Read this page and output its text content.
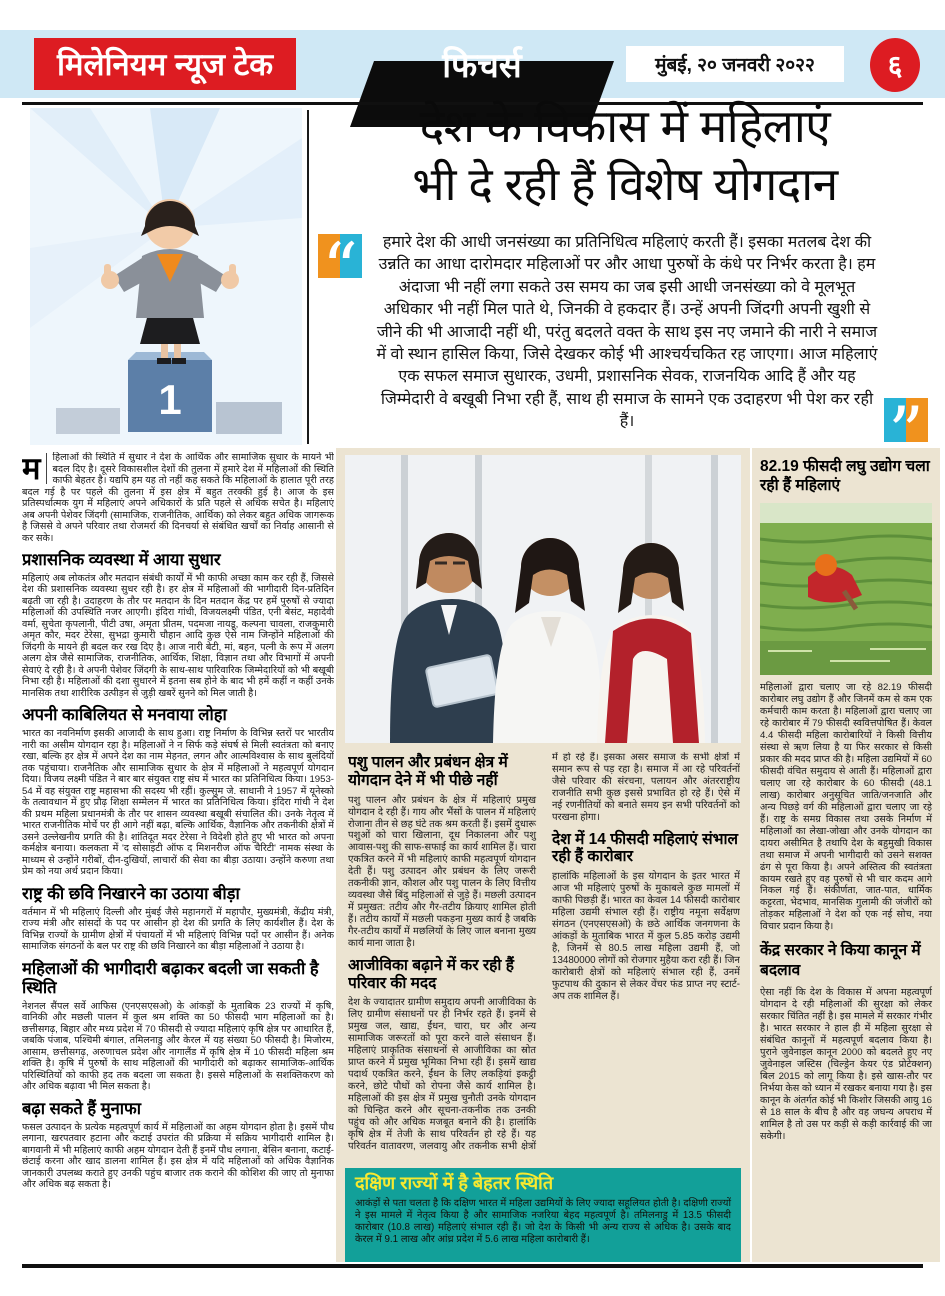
मिलेनियम न्यूज टेक	फिचर्स	मुंबई, २० जनवरी २०२२	६
1
देश के विकास में महिलाएं
भी दे रही हैं विशेष योगदान
हमारे देश की आधी जनसंख्या का प्रतिनिधित्व महिलाएं करती हैं। इसका मतलब देश की उन्नति का आधा दारोमदार महिलाओं पर और आधा पुरुषों के कंधे पर निर्भर करता है। हम अंदाजा भी नहीं लगा सकते उस समय का जब इसी आधी जनसंख्या को वे मूलभूत अधिकार भी नहीं मिल पाते थे, जिनकी वे हकदार हैं। उन्हें अपनी जिंदगी अपनी खुशी से जीने की भी आजादी नहीं थी, परंतु बदलते वक्त के साथ इस नए जमाने की नारी ने समाज में वो स्थान हासिल किया, जिसे देखकर कोई भी आश्चर्यचकित रह जाएगा। आज महिलाएं एक सफल समाज सुधारक, उधमी, प्रशासनिक सेवक, राजनयिक आदि हैं और यह जिम्मेदारी वे बखूबी निभा रही हैं, साथ ही समाज के सामने एक उदाहरण भी पेश कर रही हैं।
“
”

म	हिलाओं की स्थिति में सुधार ने देश के आर्थिक और सामाजिक सुधार के मायने भी बदल दिए है। दूसरे विकासशील देशों की तुलना में हमारे देश में महिलाओं की स्थिति काफी बेहतर है। यद्यपि हम यह तो नहीं कह सकते कि महिलाओं के हालात पूरी तरह बदल गई है पर पहले की तुलना में इस क्षेत्र में बहुत तरक्की हुई है। आज के इस प्रतिस्पर्धात्मक युग में महिलाएं अपने अधिकारों के प्रति पहले से अधिक सचेत है। महिलाएं अब अपनी पेशेवर जिंदगी (सामाजिक, राजनीतिक, आर्थिक) को लेकर बहुत अधिक जागरूक है जिससे वे अपने परिवार तथा रोजमर्रा की दिनचर्या से संबंधित खर्चों का निर्वाह आसानी से कर सके।

प्रशासनिक व्यवस्था में आया सुधार

महिलाएं अब लोकतंत्र और मतदान संबंधी कार्यों में भी काफी अच्छा काम कर रही हैं, जिससे देश की प्रशासनिक व्यवस्था सुधर रही है। हर क्षेत्र में महिलाओं की भागीदारी दिन-प्रतिदिन बढ़ती जा रही है। उदाहरण के तौर पर मतदान के दिन मतदान केंद्र पर हमें पुरुषों से ज्यादा महिलाओं की उपस्थिति नजर आएगी। इंदिरा गांधी, विजयलक्ष्मी पंडित, एनी बेसंट, महादेवी वर्मा, सुचेता कृपलानी, पीटी उषा, अमृता प्रीतम, पदमजा नायडू, कल्पना चावला, राजकुमारी अमृत कौर, मदर टेरेसा, सुभद्रा कुमारी चौहान आदि कुछ ऐसे नाम जिन्होंने महिलाओं की जिंदगी के मायने ही बदल कर रख दिए है। आज नारी बेटी, मां, बहन, पत्नी के रूप में अलग अलग क्षेत्र जैसे सामाजिक, राजनीतिक, आर्थिक, शिक्षा, विज्ञान तथा और विभागों में अपनी सेवाएं दे रही है। वे अपनी पेशेवर जिंदगी के साथ-साथ पारिवारिक जिम्मेदारियों को भी बखूबी निभा रही है। महिलाओं की दशा सुधारने में इतना सब होने के बाद भी हमें कहीं न कहीं उनके मानसिक तथा शारीरिक उत्पीड़न से जुड़ी खबरें सुनने को मिल जाती है।

अपनी काबिलियत से मनवाया लोहा

भारत का नवनिर्माण इसकी आजादी के साथ हुआ। राष्ट्र निर्माण के विभिन्न स्तरों पर भारतीय नारी का असीम योगदान रहा है। महिलाओं ने न सिर्फ कड़े संघर्ष से मिली स्वतंत्रता को बनाए रखा, बल्कि हर क्षेत्र में अपने देश का नाम मेहनत, लगन और आत्मविश्वास के साथ बुलंदियों तक पहुंचाया। राजनैतिक और सामाजिक सुधार के क्षेत्र में महिलाओं ने महत्वपूर्ण योगदान दिया। विजय लक्ष्मी पंडित ने बार बार संयुक्त राष्ट्र संघ में भारत का प्रतिनिधित्व किया। 1953-54 में वह संयुक्त राष्ट्र महासभा की सदस्य भी रहीं। कुल्सुम जे. साधानी ने 1957 में यूनेस्को के तत्वावधान में हुए प्रौढ़ शिक्षा सम्मेलन में भारत का प्रतिनिधित्व किया। इंदिरा गांधी ने देश की प्रथम महिला प्रधानमंत्री के तौर पर शासन व्यवस्था बखूबी संचालित की। उनके नेतृत्व में भारत राजनीतिक मोर्चे पर ही आगे नहीं बढ़ा, बल्कि आर्थिक, वैज्ञानिक और तकनीकी क्षेत्रों में उसने उल्लेखनीय प्रगति की है। शांतिदूत मदर टेरेसा ने विदेशी होते हुए भी भारत को अपना कर्मक्षेत्र बनाया। कलकता में 'द सोसाइटी ऑफ द मिशनरीज ऑफ चैरिटी' नामक संस्था के माध्यम से उन्होंने गरीबों, दीन-दुखियों, लाचारों की सेवा का बीड़ा उठाया। उन्होंने करुणा तथा प्रेम को नया अर्थ प्रदान किया।

राष्ट्र की छवि निखारने का उठाया बीड़ा

वर्तमान में भी महिलाएं दिल्ली और मुंबई जैसे महानगरों में महापौर, मुख्यमंत्री, केंद्रीय मंत्री, राज्य मंत्री और सांसदों के पद पर आसीन हो देश की प्रगति के लिए कार्यशील हैं। देश के विभिन्न राज्यों के ग्रामीण क्षेत्रों में पंचायतों में भी महिलाएं विभिन्न पदों पर आसीन हैं। अनेक सामाजिक संगठनों के बल पर राष्ट्र की छवि निखारने का बीड़ा महिलाओं ने उठाया है।

महिलाओं की भागीदारी बढ़ाकर बदली जा सकती है स्थिति

नेशनल सैंपल सर्वे आफिस (एनएसएसओ) के आंकड़ों के मुताबिक 23 राज्यों में कृषि, वानिकी और मछली पालन में कुल श्रम शक्ति का 50 फीसदी भाग महिलाओं का है। छत्तीसगढ़, बिहार और मध्य प्रदेश में 70 फीसदी से ज्यादा महिलाएं कृषि क्षेत्र पर आधारित हैं, जबकि पंजाब, पश्चिमी बंगाल, तमिलनाडु और केरल में यह संख्या 50 फीसदी है। मिजोरम, आसाम, छत्तीसगढ़, अरुणाचल प्रदेश और नागालैंड में कृषि क्षेत्र में 10 फीसदी महिला श्रम शक्ति है। कृषि में पुरुषों के साथ महिलाओं की भागीदारी को बढ़ाकर सामाजिक-आर्थिक परिस्थितियों को काफी हद तक बदला जा सकता है। इससे महिलाओं के सशक्तिकरण को और अधिक बढ़ावा भी मिल सकता है।

बढ़ा सकते हैं मुनाफा

फसल उत्पादन के प्रत्येक महत्वपूर्ण कार्य में महिलाओं का अहम योगदान होता है। इसमें पौध लगाना, खरपतवार हटाना और कटाई उपरांत की प्रक्रिया में सक्रिय भागीदारी शामिल है। बागवानी में भी महिलाएं काफी अहम योगदान देती हैं इनमें पौध लगाना, बेसिन बनाना, कटाई-छंटाई करना और खाद डालना शामिल हैं। इस क्षेत्र में यदि महिलाओं को अधिक वैज्ञानिक जानकारी उपलब्ध कराते हुए उनकी पहुंच बाजार तक कराने की कोशिश की जाए तो मुनाफा और अधिक बढ़ सकता है।

पशु पालन और प्रबंधन क्षेत्र में योगदान देने में भी पीछे नहीं

पशु पालन और प्रबंधन के क्षेत्र में महिलाएं प्रमुख योगदान दे रही हैं। गाय और भैंसों के पालन में महिलाएं रोजाना तीन से छह घंटे तक श्रम करती हैं। इसमें दुधारू पशुओं को चारा खिलाना, दूध निकालना और पशु आवास-पशु की साफ-सफाई का कार्य शामिल हैं। चारा एकत्रित करने में भी महिलाएं काफी महत्वपूर्ण योगदान देती हैं। पशु उत्पादन और प्रबंधन के लिए जरूरी तकनीकी ज्ञान, कौशल और पशु पालन के लिए वित्तीय व्यवस्था जैसे बिंदु महिलाओं से जुड़े हैं। मछली उत्पादन में प्रमुखत: तटीय और गैर-तटीय क्रियाए शामिल होती हैं। तटीय कार्यों में मछली पकड़ना मुख्य कार्य है जबकि गैर-तटीय कार्यों में मछलियों के लिए जाल बनाना मुख्य कार्य माना जाता है।

आजीविका बढ़ाने में कर रही हैं परिवार की मदद

देश के ज्यादातर ग्रामीण समुदाय अपनी आजीविका के लिए ग्रामीण संसाधनों पर ही निर्भर रहते हैं। इनमें से प्रमुख जल, खाद्य, ईंधन, चारा, घर और अन्य सामाजिक जरूरतों को पूरा करने वाले संसाधन हैं। महिलाएं प्राकृतिक संसाधनों से आजीविका का स्रोत प्राप्त करने में प्रमुख भूमिका निभा रही हैं। इसमें खाद्य पदार्थ एकत्रित करने, ईंधन के लिए लकड़ियां इकट्ठी करने, छोटे पौधों को रोपना जैसे कार्य शामिल है। महिलाओं की इस क्षेत्र में प्रमुख चुनौती उनके योगदान को चिन्हित करने और सूचना-तकनीक तक उनकी पहुंच को और अधिक मजबूत बनाने की है। हालांकि कृषि क्षेत्र में तेजी के साथ परिवर्तन हो रहे हैं। यह परिवर्तन वातावरण, जलवायु और तकनीक सभी क्षेत्रों में हो रहे हैं। इसका असर समाज के सभी क्षेत्रों में समान रूप से पड़ रहा है। समाज में आ रहे परिवर्तनों जैसे परिवार की संरचना, पलायन और अंतरराष्ट्रीय राजनीति सभी कुछ इससे प्रभावित हो रहे हैं। ऐसे में नई रणनीतियों को बनाते समय इन सभी परिवर्तनों को परखना होगा।

देश में 14 फीसदी महिलाएं संभाल रही हैं कारोबार

हालांकि महिलाओं के इस योगदान के इतर भारत में आज भी महिलाएं पुरुषों के मुकाबले कुछ मामलों में काफी पिछड़ी हैं। भारत का केवल 14 फीसदी कारोबार महिला उद्यमी संभाल रही हैं। राष्ट्रीय नमूना सर्वेक्षण संगठन (एनएसएसओ) के छठे आर्थिक जनगणना के आंकड़ों के मुताबिक भारत में कुल 5.85 करोड़ उद्यमी है, जिनमें से 80.5 लाख महिला उद्यमी हैं, जो 13480000 लोगों को रोजगार मुहैया करा रही हैं। जिन कारोबारी क्षेत्रों को महिलाएं संभाल रही हैं, उनमें फुटपाथ की दुकान से लेकर वेंचर फंड प्राप्त नए स्टार्ट-अप तक शामिल हैं।

दक्षिण राज्यों में है बेहतर स्थिति

आकंड़ों से पता चलता है कि दक्षिण भारत में महिला उद्यमियों के लिए ज्यादा सहूलियत होती है। दक्षिणी राज्यों ने इस मामले में नेतृत्व किया है और सामाजिक नजरिया बेहद महत्वपूर्ण है। तमिलनाडु में 13.5 फीसदी कारोबार (10.8 लाख) महिलाएं संभाल रही हैं। जो देश के किसी भी अन्य राज्य से अधिक है। उसके बाद केरल में 9.1 लाख और आंध्र प्रदेश में 5.6 लाख महिला कारोबारी हैं।

82.19 फीसदी लघु उद्योग चला रही हैं महिलाएं

महिलाओं द्वारा चलाए जा रहे 82.19 फीसदी कारोबार लघु उद्योग हैं और जिनमें कम से कम एक कर्मचारी काम करता है। महिलाओं द्वारा चलाए जा रहे कारोबार में 79 फीसदी स्ववित्तपोषित हैं। केवल 4.4 फीसदी महिला कारोबारियों ने किसी वित्तीय संस्था से ऋण लिया है या फिर सरकार से किसी प्रकार की मदद प्राप्त की है। महिला उद्यमियों में 60 फीसदी वंचित समुदाय से आती हैं। महिलाओं द्वारा चलाए जा रहे कारोबार के 60 फीसदी (48.1 लाख) कारोबार अनुसूचित जाति/जनजाति और अन्य पिछड़े वर्ग की महिलाओं द्वारा चलाए जा रहे हैं। राष्ट्र के समग्र विकास तथा उसके निर्माण में महिलाओं का लेखा-जोखा और उनके योगदान का दायरा असीमित है तथापि देश के बहुमुखी विकास तथा समाज में अपनी भागीदारी को उसने सशक्त ढंग से पूरा किया है। अपने अस्तित्व की स्वतंत्रता कायम रखते हुए वह पुरुषों से भी चार कदम आगे निकल गई हैं। संकीर्णता, जात-पात, धार्मिक कट्टरता, भेदभाव, मानसिक गुलामी की जंजीरों को तोड़कर महिलाओं ने देश को एक नई सोच, नया विचार प्रदान किया है।

केंद्र सरकार ने किया कानून में बदलाव

ऐसा नहीं कि देश के विकास में अपना महत्वपूर्ण योगदान दे रही महिलाओं की सुरक्षा को लेकर सरकार चिंतित नहीं है। इस मामले में सरकार गंभीर है। भारत सरकार ने हाल ही में महिला सुरक्षा से संबंधित कानूनों में महत्वपूर्ण बदलाव किया है। पुराने जुवेनाइल कानून 2000 को बदलते हुए नए जुवेनाइल जस्टिस (चिल्ड्रेन केयर एंड प्रोटेक्शन) बिल 2015 को लागू किया है। इसे खास-तौर पर निर्भया केस को ध्यान में रखकर बनाया गया है। इस कानून के अंतर्गत कोई भी किशोर जिसकी आयु 16 से 18 साल के बीच है और वह जघन्य अपराध में शामिल है तो उस पर कड़ी से कड़ी कार्रवाई की जा सकेगी।
